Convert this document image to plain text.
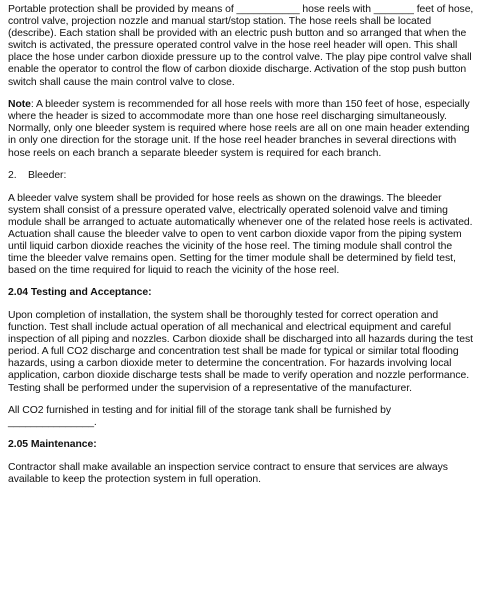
Portable protection shall be provided by means of ___________ hose reels with _______ feet of hose, control valve, projection nozzle and manual start/stop station. The hose reels shall be located (describe). Each station shall be provided with an electric push button and so arranged that when the switch is activated, the pressure operated control valve in the hose reel header will open. This shall place the hose under carbon dioxide pressure up to the control valve. The play pipe control valve shall enable the operator to control the flow of carbon dioxide discharge. Activation of the stop push button switch shall cause the main control valve to close.

Note: A bleeder system is recommended for all hose reels with more than 150 feet of hose, especially where the header is sized to accommodate more than one hose reel discharging simultaneously. Normally, only one bleeder system is required where hose reels are all on one main header extending in only one direction for the storage unit. If the hose reel header branches in several directions with hose reels on each branch a separate bleeder system is required for each branch.

2. Bleeder:

A bleeder valve system shall be provided for hose reels as shown on the drawings. The bleeder system shall consist of a pressure operated valve, electrically operated solenoid valve and timing module shall be arranged to actuate automatically whenever one of the related hose reels is activated. Actuation shall cause the bleeder valve to open to vent carbon dioxide vapor from the piping system until liquid carbon dioxide reaches the vicinity of the hose reel. The timing module shall control the time the bleeder valve remains open. Setting for the timer module shall be determined by field test, based on the time required for liquid to reach the vicinity of the hose reel.

2.04 Testing and Acceptance:

Upon completion of installation, the system shall be thoroughly tested for correct operation and function. Test shall include actual operation of all mechanical and electrical equipment and careful inspection of all piping and nozzles. Carbon dioxide shall be discharged into all hazards during the test period. A full CO2 discharge and concentration test shall be made for typical or similar total flooding hazards, using a carbon dioxide meter to determine the concentration. For hazards involving local application, carbon dioxide discharge tests shall be made to verify operation and nozzle performance. Testing shall be performed under the supervision of a representative of the manufacturer.

All CO2 furnished in testing and for initial fill of the storage tank shall be furnished by _______________.

2.05 Maintenance:

Contractor shall make available an inspection service contract to ensure that services are always available to keep the protection system in full operation.
